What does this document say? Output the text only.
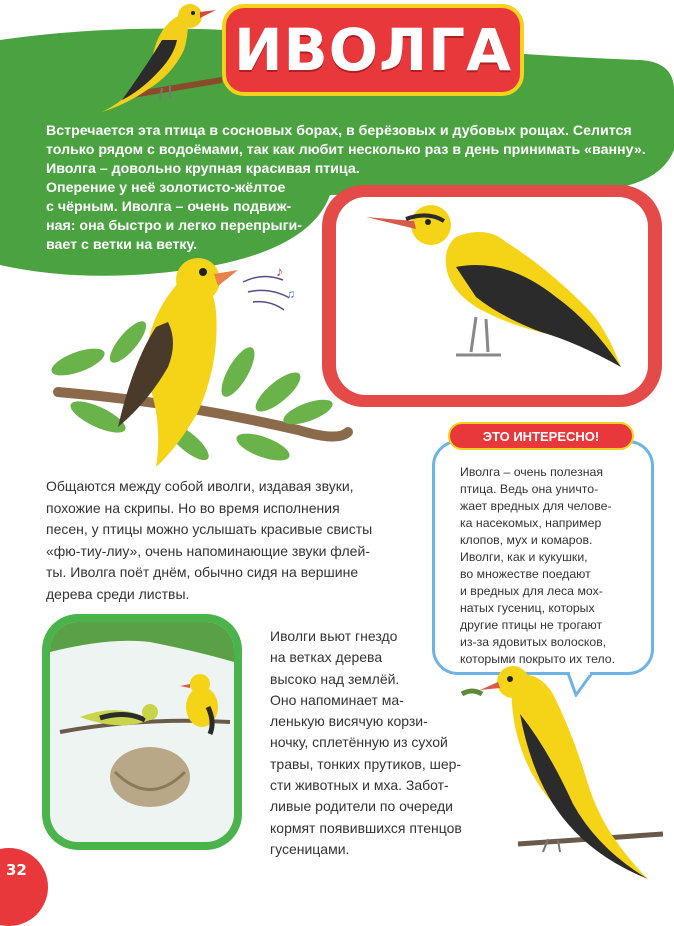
ИВОЛГА

Встречается эта птица в сосновых борах, в берёзовых и дубовых рощах. Селится
только рядом с водоёмами, так как любит несколько раз в день принимать «ванну».
Иволга – довольно крупная красивая птица.
Оперение у неё золотисто-жёлтое
с чёрным. Иволга – очень подвиж-
ная: она быстро и легко перепрыги-
вает с ветки на ветку.

♪
♫

Общаются между собой иволги, издавая звуки,
похожие на скрипы. Но во время исполнения
песен, у птицы можно услышать красивые свисты
«фю-тиу-лиу», очень напоминающие звуки флей-
ты. Иволга поёт днём, обычно сидя на вершине
дерева среди листвы.

ЭТО ИНТЕРЕСНО!

Иволга – очень полезная
птица. Ведь она уничто-
жает вредных для челове-
ка насекомых, например
клопов, мух и комаров.
Иволги, как и кукушки,
во множестве поедают
и вредных для леса мох-
натых гусениц, которых
другие птицы не трогают
из-за ядовитых волосков,
которыми покрыто их тело.

Иволги вьют гнездо
на ветках дерева
высоко над землёй.
Оно напоминает ма-
ленькую висячую корзи-
ночку, сплетённую из сухой
травы, тонких прутиков, шер-
сти животных и мха. Забот-
ливые родители по очереди
кормят появившихся птенцов
гусеницами.

32
